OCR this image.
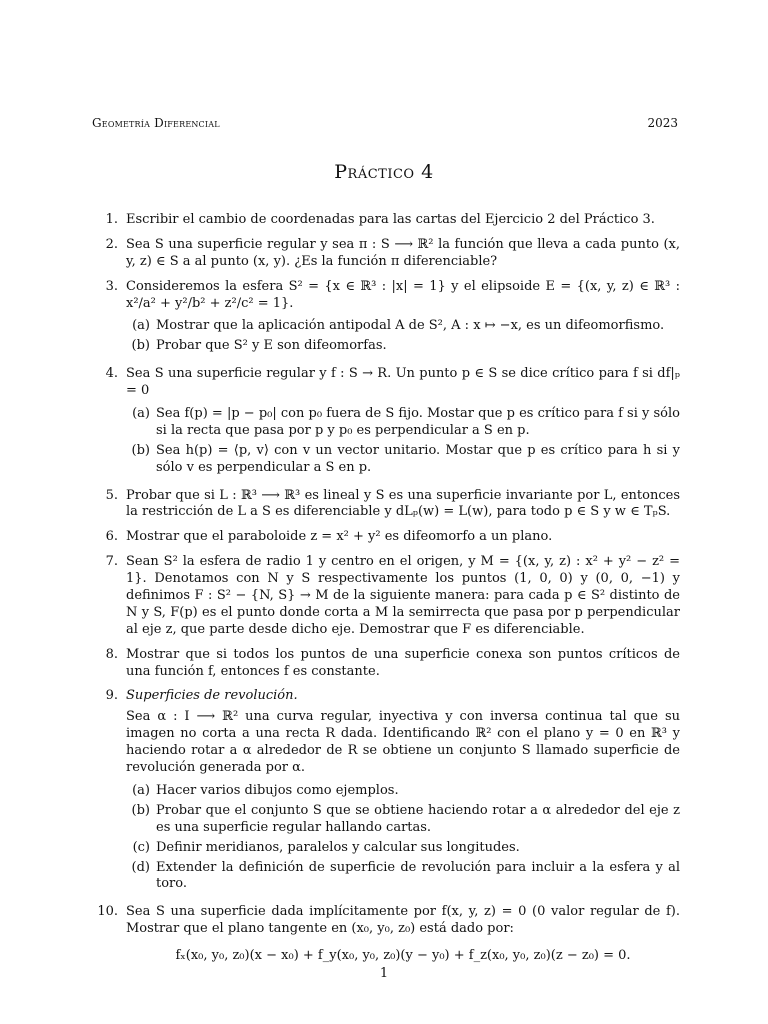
Geometría Diferencial	2023
Práctico 4
1. Escribir el cambio de coordenadas para las cartas del Ejercicio 2 del Práctico 3.
2. Sea S una superficie regular y sea π : S ⟶ ℝ² la función que lleva a cada punto (x, y, z) ∈ S a al punto (x, y). ¿Es la función π diferenciable?
3. Consideremos la esfera S² = {x ∈ ℝ³ : |x| = 1} y el elipsoide E = {(x, y, z) ∈ ℝ³ : x²/a² + y²/b² + z²/c² = 1}.
(a) Mostrar que la aplicación antipodal A de S², A : x ↦ −x, es un difeomorfismo.
(b) Probar que S² y E son difeomorfas.
4. Sea S una superficie regular y f : S → R. Un punto p ∈ S se dice crítico para f si df|ₚ = 0
(a) Sea f(p) = |p − p₀| con p₀ fuera de S fijo. Mostar que p es crítico para f si y sólo si la recta que pasa por p y p₀ es perpendicular a S en p.
(b) Sea h(p) = ⟨p, v⟩ con v un vector unitario. Mostar que p es crítico para h si y sólo v es perpendicular a S en p.
5. Probar que si L : ℝ³ ⟶ ℝ³ es lineal y S es una superficie invariante por L, entonces la restricción de L a S es diferenciable y dLₚ(w) = L(w), para todo p ∈ S y w ∈ TₚS.
6. Mostrar que el paraboloide z = x² + y² es difeomorfo a un plano.
7. Sean S² la esfera de radio 1 y centro en el origen, y M = {(x, y, z) : x² + y² − z² = 1}. Denotamos con N y S respectivamente los puntos (1, 0, 0) y (0, 0, −1) y definimos F : S² − {N, S} → M de la siguiente manera: para cada p ∈ S² distinto de N y S, F(p) es el punto donde corta a M la semirrecta que pasa por p perpendicular al eje z, que parte desde dicho eje. Demostrar que F es diferenciable.
8. Mostrar que si todos los puntos de una superficie conexa son puntos críticos de una función f, entonces f es constante.
9. Superficies de revolución.
Sea α : I ⟶ ℝ² una curva regular, inyectiva y con inversa continua tal que su imagen no corta a una recta R dada. Identificando ℝ² con el plano y = 0 en ℝ³ y haciendo rotar a α alrededor de R se obtiene un conjunto S llamado superficie de revolución generada por α.
(a) Hacer varios dibujos como ejemplos.
(b) Probar que el conjunto S que se obtiene haciendo rotar a α alrededor del eje z es una superficie regular hallando cartas.
(c) Definir meridianos, paralelos y calcular sus longitudes.
(d) Extender la definición de superficie de revolución para incluir a la esfera y al toro.
10. Sea S una superficie dada implícitamente por f(x, y, z) = 0 (0 valor regular de f). Mostrar que el plano tangente en (x₀, y₀, z₀) está dado por:
fₓ(x₀, y₀, z₀)(x − x₀) + f_y(x₀, y₀, z₀)(y − y₀) + f_z(x₀, y₀, z₀)(z − z₀) = 0.
1
